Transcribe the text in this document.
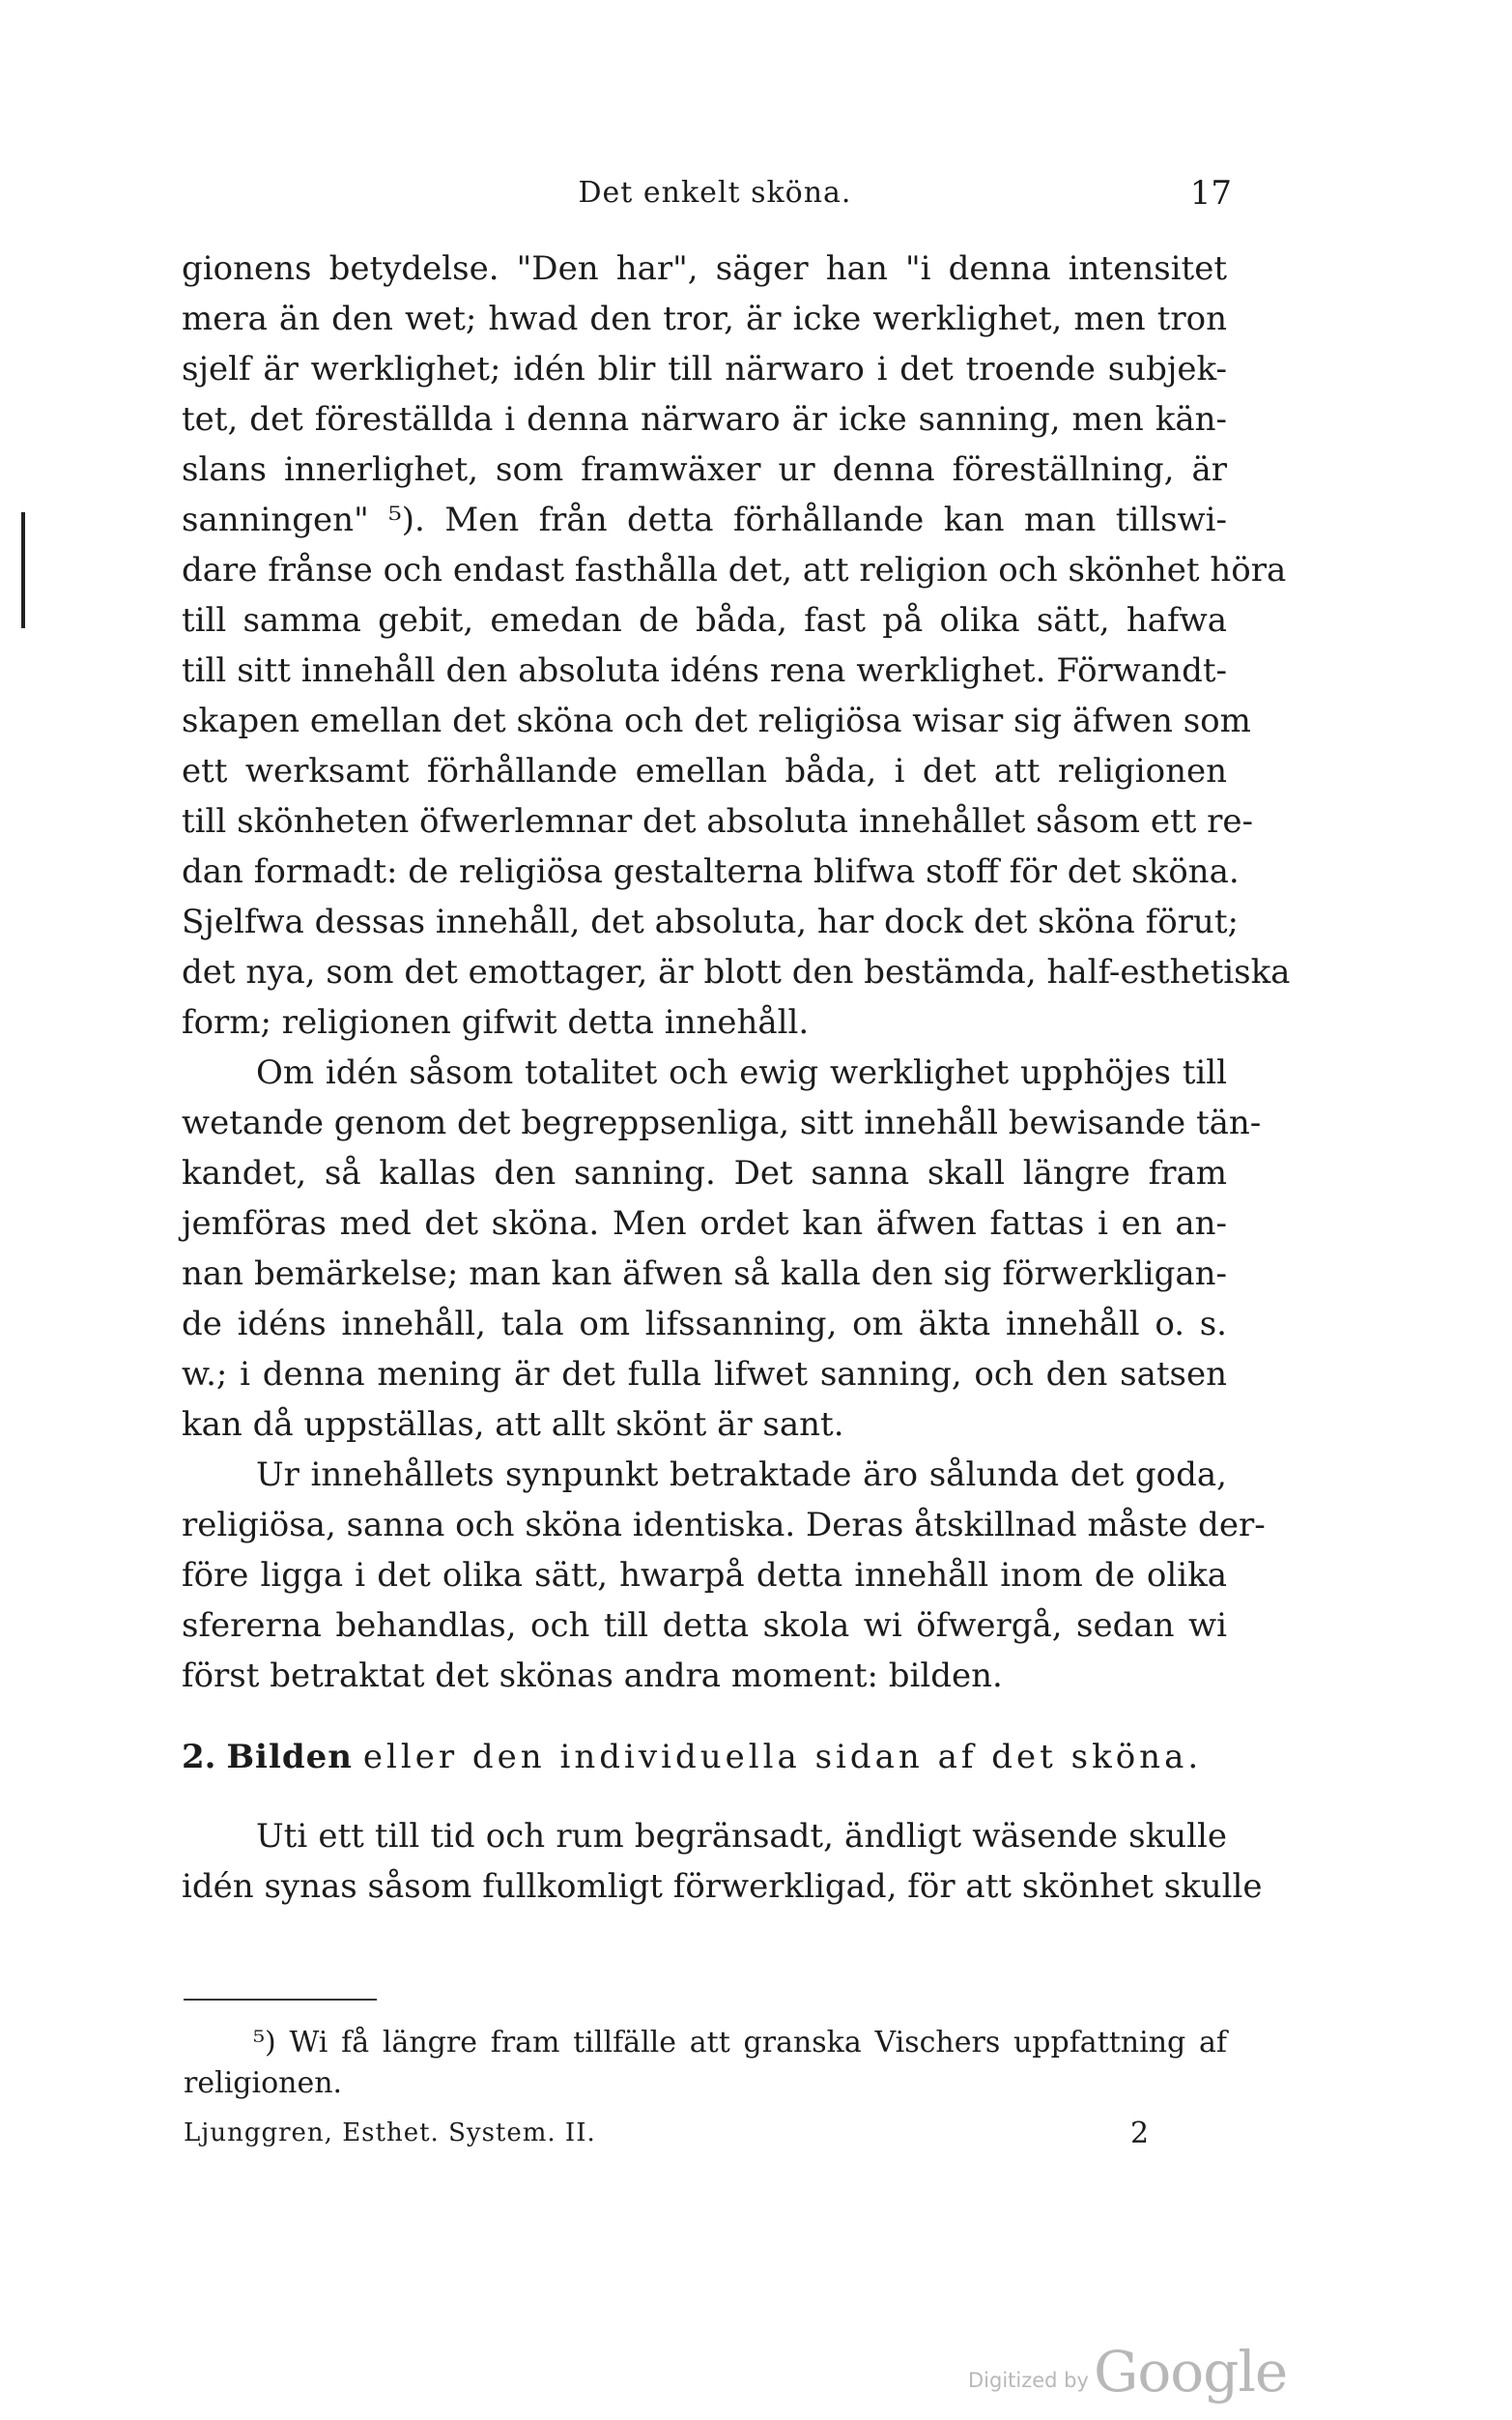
Det enkelt sköna.	17
gionens betydelse. "Den har", säger han "i denna intensitet
mera än den wet; hwad den tror, är icke werklighet, men tron
sjelf är werklighet; idén blir till närwaro i det troende subjek-
tet, det föreställda i denna närwaro är icke sanning, men kän-
slans innerlighet, som framwäxer ur denna föreställning, är
sanningen" ⁵). Men från detta förhållande kan man tillswi-
dare frånse och endast fasthålla det, att religion och skönhet höra
till samma gebit, emedan de båda, fast på olika sätt, hafwa
till sitt innehåll den absoluta idéns rena werklighet. Förwandt-
skapen emellan det sköna och det religiösa wisar sig äfwen som
ett werksamt förhållande emellan båda, i det att religionen
till skönheten öfwerlemnar det absoluta innehållet såsom ett re-
dan formadt: de religiösa gestalterna blifwa stoff för det sköna.
Sjelfwa dessas innehåll, det absoluta, har dock det sköna förut;
det nya, som det emottager, är blott den bestämda, half-esthetiska
form; religionen gifwit detta innehåll.
Om idén såsom totalitet och ewig werklighet upphöjes till
wetande genom det begreppsenliga, sitt innehåll bewisande tän-
kandet, så kallas den sanning. Det sanna skall längre fram
jemföras med det sköna. Men ordet kan äfwen fattas i en an-
nan bemärkelse; man kan äfwen så kalla den sig förwerkligan-
de idéns innehåll, tala om lifssanning, om äkta innehåll o. s.
w.; i denna mening är det fulla lifwet sanning, och den satsen
kan då uppställas, att allt skönt är sant.
Ur innehållets synpunkt betraktade äro sålunda det goda,
religiösa, sanna och sköna identiska. Deras åtskillnad måste der-
före ligga i det olika sätt, hwarpå detta innehåll inom de olika
sfererna behandlas, och till detta skola wi öfwergå, sedan wi
först betraktat det skönas andra moment: bilden.
2. Bilden eller den individuella sidan af det sköna.
Uti ett till tid och rum begränsadt, ändligt wäsende skulle
idén synas såsom fullkomligt förwerkligad, för att skönhet skulle
⁵) Wi få längre fram tillfälle att granska Vischers uppfattning af
religionen.
Ljunggren, Esthet. System. II.	2
Digitized by Google
